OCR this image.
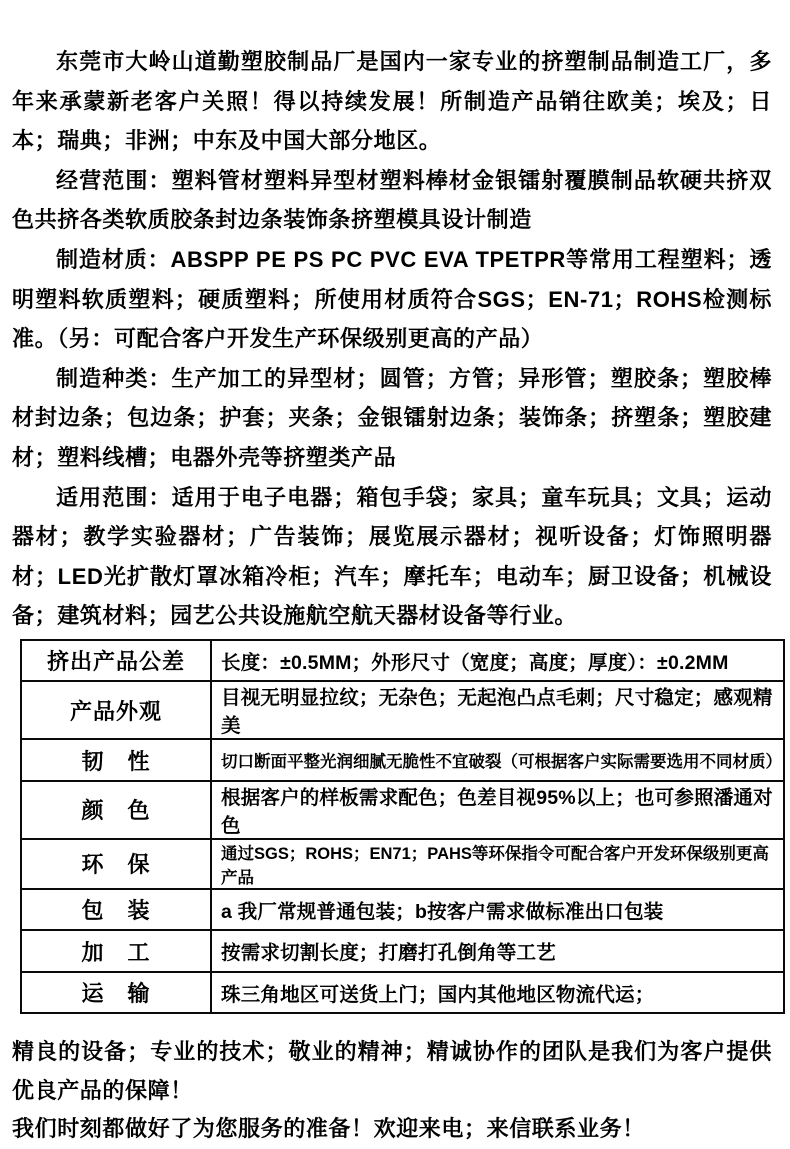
东莞市大岭山道勤塑胶制品厂是国内一家专业的挤塑制品制造工厂，多年来承蒙新老客户关照！得以持续发展！所制造产品销往欧美；埃及；日本；瑞典；非洲；中东及中国大部分地区。

经营范围：塑料管材塑料异型材塑料棒材金银镭射覆膜制品软硬共挤双色共挤各类软质胶条封边条装饰条挤塑模具设计制造

制造材质：ABSPP PE PS PC PVC EVA TPETPR等常用工程塑料；透明塑料软质塑料；硬质塑料；所使用材质符合SGS；EN-71；ROHS检测标准。（另：可配合客户开发生产环保级别更高的产品）

制造种类：生产加工的异型材；圆管；方管；异形管；塑胶条；塑胶棒材封边条；包边条；护套；夹条；金银镭射边条；装饰条；挤塑条；塑胶建材；塑料线槽；电器外壳等挤塑类产品

适用范围：适用于电子电器；箱包手袋；家具；童车玩具；文具；运动器材；教学实验器材；广告装饰；展览展示器材；视听设备；灯饰照明器材；LED光扩散灯罩冰箱冷柜；汽车；摩托车；电动车；厨卫设备；机械设备；建筑材料；园艺公共设施航空航天器材设备等行业。

挤出产品公差	长度：±0.5MM；外形尺寸（宽度；高度；厚度）：±0.2MM
产品外观	目视无明显拉纹；无杂色；无起泡凸点毛刺；尺寸稳定；感观精美
韧　性	切口断面平整光润细腻无脆性不宜破裂（可根据客户实际需要选用不同材质）
颜　色	根据客户的样板需求配色；色差目视95%以上；也可参照潘通对色
环　保	通过SGS；ROHS；EN71；PAHS等环保指令可配合客户开发环保级别更高产品
包　装	a 我厂常规普通包装；b按客户需求做标准出口包装
加　工	按需求切割长度；打磨打孔倒角等工艺
运　输	珠三角地区可送货上门；国内其他地区物流代运；

精良的设备；专业的技术；敬业的精神；精诚协作的团队是我们为客户提供优良产品的保障！

我们时刻都做好了为您服务的准备！欢迎来电；来信联系业务！
